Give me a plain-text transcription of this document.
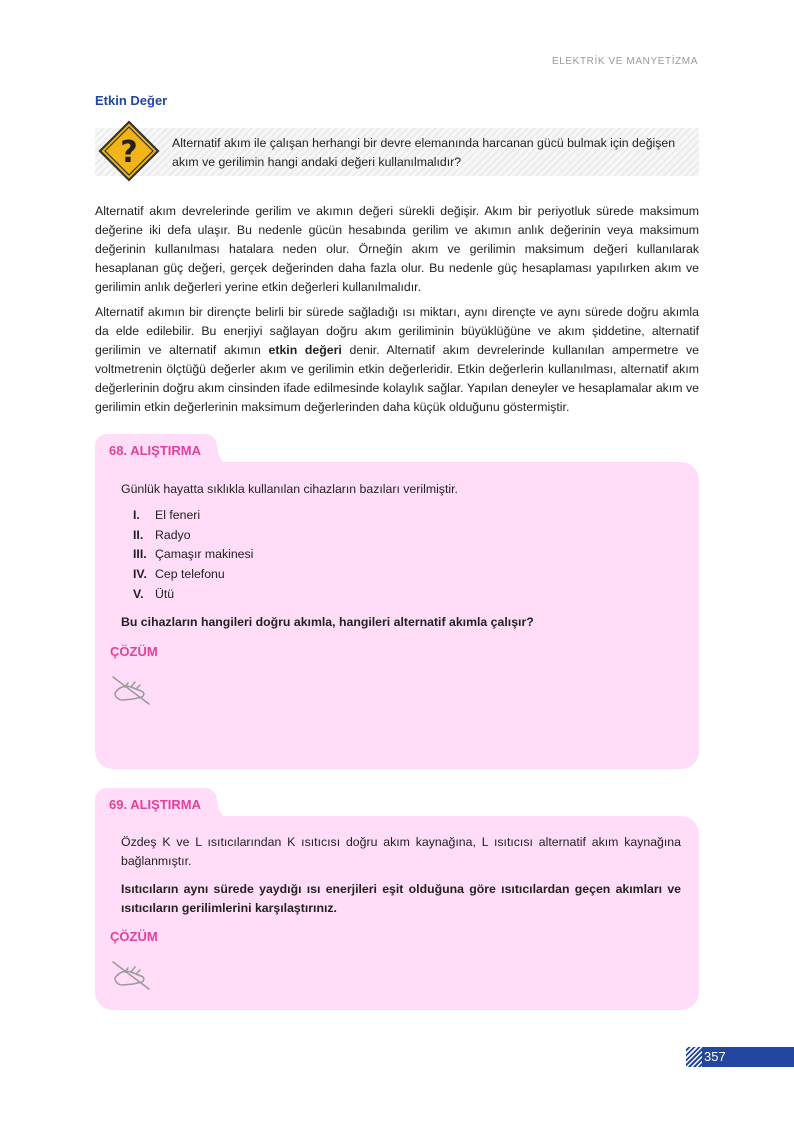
ELEKTRİK VE MANYETİZMA
Etkin Değer
?	Alternatif akım ile çalışan herhangi bir devre elemanında harcanan gücü bulmak için değişen akım ve gerilimin hangi andaki değeri kullanılmalıdır?
Alternatif akım devrelerinde gerilim ve akımın değeri sürekli değişir. Akım bir periyotluk sürede maksimum değerine iki defa ulaşır. Bu nedenle gücün hesabında gerilim ve akımın anlık değerinin veya maksimum değerinin kullanılması hatalara neden olur. Örneğin akım ve gerilimin maksimum değeri kullanılarak hesaplanan güç değeri, gerçek değerinden daha fazla olur. Bu nedenle güç hesaplaması yapılırken akım ve gerilimin anlık değerleri yerine etkin değerleri kullanılmalıdır.
Alternatif akımın bir dirençte belirli bir sürede sağladığı ısı miktarı, aynı dirençte ve aynı sürede doğru akımla da elde edilebilir. Bu enerjiyi sağlayan doğru akım geriliminin büyüklüğüne ve akım şiddetine, alternatif gerilimin ve alternatif akımın etkin değeri denir. Alternatif akım devrelerinde kullanılan ampermetre ve voltmetrenin ölçtüğü değerler akım ve gerilimin etkin değerleridir. Etkin değerlerin kullanılması, alternatif akım değerlerinin doğru akım cinsinden ifade edilmesinde kolaylık sağlar. Yapılan deneyler ve hesaplamalar akım ve gerilimin etkin değerlerinin maksimum değerlerinden daha küçük olduğunu göstermiştir.
68. ALIŞTIRMA
Günlük hayatta sıklıkla kullanılan cihazların bazıları verilmiştir.
I.	El feneri
II. Radyo
III. Çamaşır makinesi
IV. Cep telefonu
V. Ütü
Bu cihazların hangileri doğru akımla, hangileri alternatif akımla çalışır?
ÇÖZÜM
69. ALIŞTIRMA
Özdeş K ve L ısıtıcılarından K ısıtıcısı doğru akım kaynağına, L ısıtıcısı alternatif akım kaynağına bağlanmıştır.
Isıtıcıların aynı sürede yaydığı ısı enerjileri eşit olduğuna göre ısıtıcılardan geçen akımları ve ısıtıcıların gerilimlerini karşılaştırınız.
ÇÖZÜM
357
